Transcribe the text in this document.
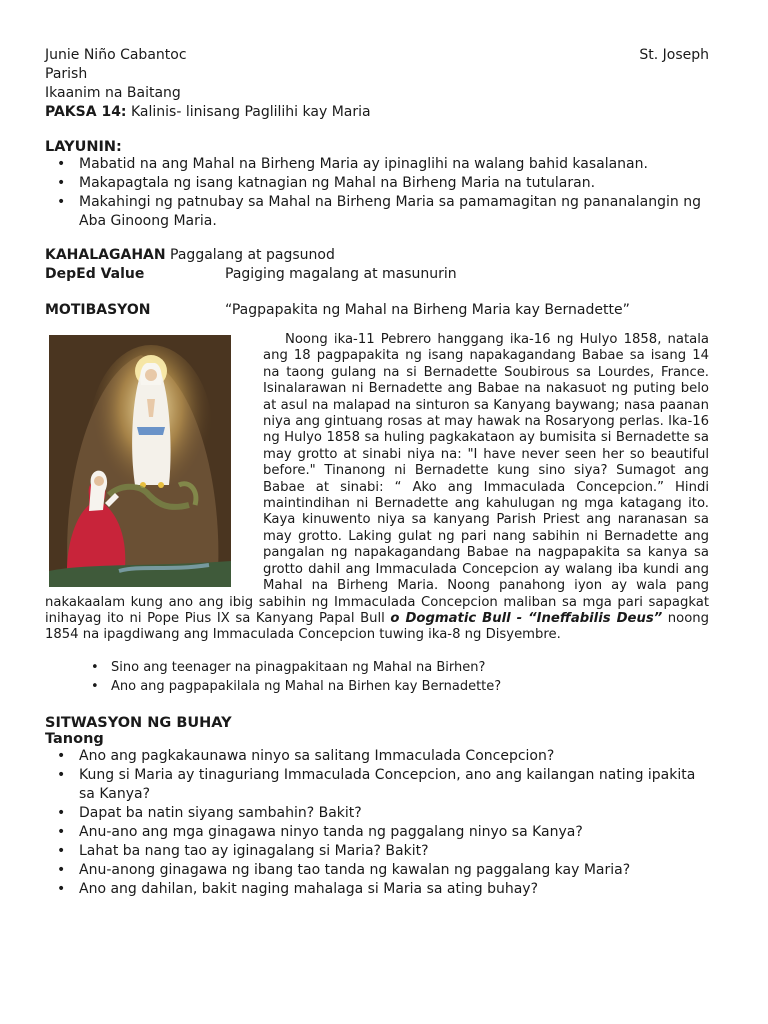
Junie Niño Cabantoc	St. Joseph
Parish
Ikaanim na Baitang
PAKSA 14: Kalinis- linisang Paglilihi kay Maria
LAYUNIN:
• Mabatid na ang Mahal na Birheng Maria ay ipinaglihi na walang bahid kasalanan.
• Makapagtala ng isang katnagian ng Mahal na Birheng Maria na tutularan.
• Makahingi ng patnubay sa Mahal na Birheng Maria sa pamamagitan ng pananalangin ng Aba Ginoong Maria.
KAHALAGAHAN Paggalang at pagsunod
DepEd Value	Pagiging magalang at masunurin
MOTIBASYON	“Pagpapakita ng Mahal na Birheng Maria kay Bernadette”
Noong ika-11 Pebrero hanggang ika-16 ng Hulyo 1858, natala ang 18 pagpapakita ng isang napakagandang Babae sa isang 14 na taong gulang na si Bernadette Soubirous sa Lourdes, France. Isinalarawan ni Bernadette ang Babae na nakasuot ng puting belo at asul na malapad na sinturon sa Kanyang baywang; nasa paanan niya ang gintuang rosas at may hawak na Rosaryong perlas. Ika-16 ng Hulyo 1858 sa huling pagkakataon ay bumisita si Bernadette sa may grotto at sinabi niya na: "I have never seen her so beautiful before." Tinanong ni Bernadette kung sino siya? Sumagot ang Babae at sinabi: “ Ako ang Immaculada Concepcion.” Hindi maintindihan ni Bernadette ang kahulugan ng mga katagang ito. Kaya kinuwento niya sa kanyang Parish Priest ang naranasan sa may grotto. Laking gulat ng pari nang sabihin ni Bernadette ang pangalan ng napakagandang Babae na nagpapakita sa kanya sa grotto dahil ang Immaculada Concepcion ay walang iba kundi ang Mahal na Birheng Maria. Noong panahong iyon ay wala pang nakakaalam kung ano ang ibig sabihin ng Immaculada Concepcion maliban sa mga pari sapagkat inihayag ito ni Pope Pius IX sa Kanyang Papal Bull o Dogmatic Bull - “Ineffabilis Deus” noong 1854 na ipagdiwang ang Immaculada Concepcion tuwing ika-8 ng Disyembre.
• Sino ang teenager na pinagpakitaan ng Mahal na Birhen?
• Ano ang pagpapakilala ng Mahal na Birhen kay Bernadette?
SITWASYON NG BUHAY
Tanong
• Ano ang pagkakaunawa ninyo sa salitang Immaculada Concepcion?
• Kung si Maria ay tinaguriang Immaculada Concepcion, ano ang kailangan nating ipakita sa Kanya?
• Dapat ba natin siyang sambahin? Bakit?
• Anu-ano ang mga ginagawa ninyo tanda ng paggalang ninyo sa Kanya?
• Lahat ba nang tao ay iginagalang si Maria? Bakit?
• Anu-anong ginagawa ng ibang tao tanda ng kawalan ng paggalang kay Maria?
• Ano ang dahilan, bakit naging mahalaga si Maria sa ating buhay?
